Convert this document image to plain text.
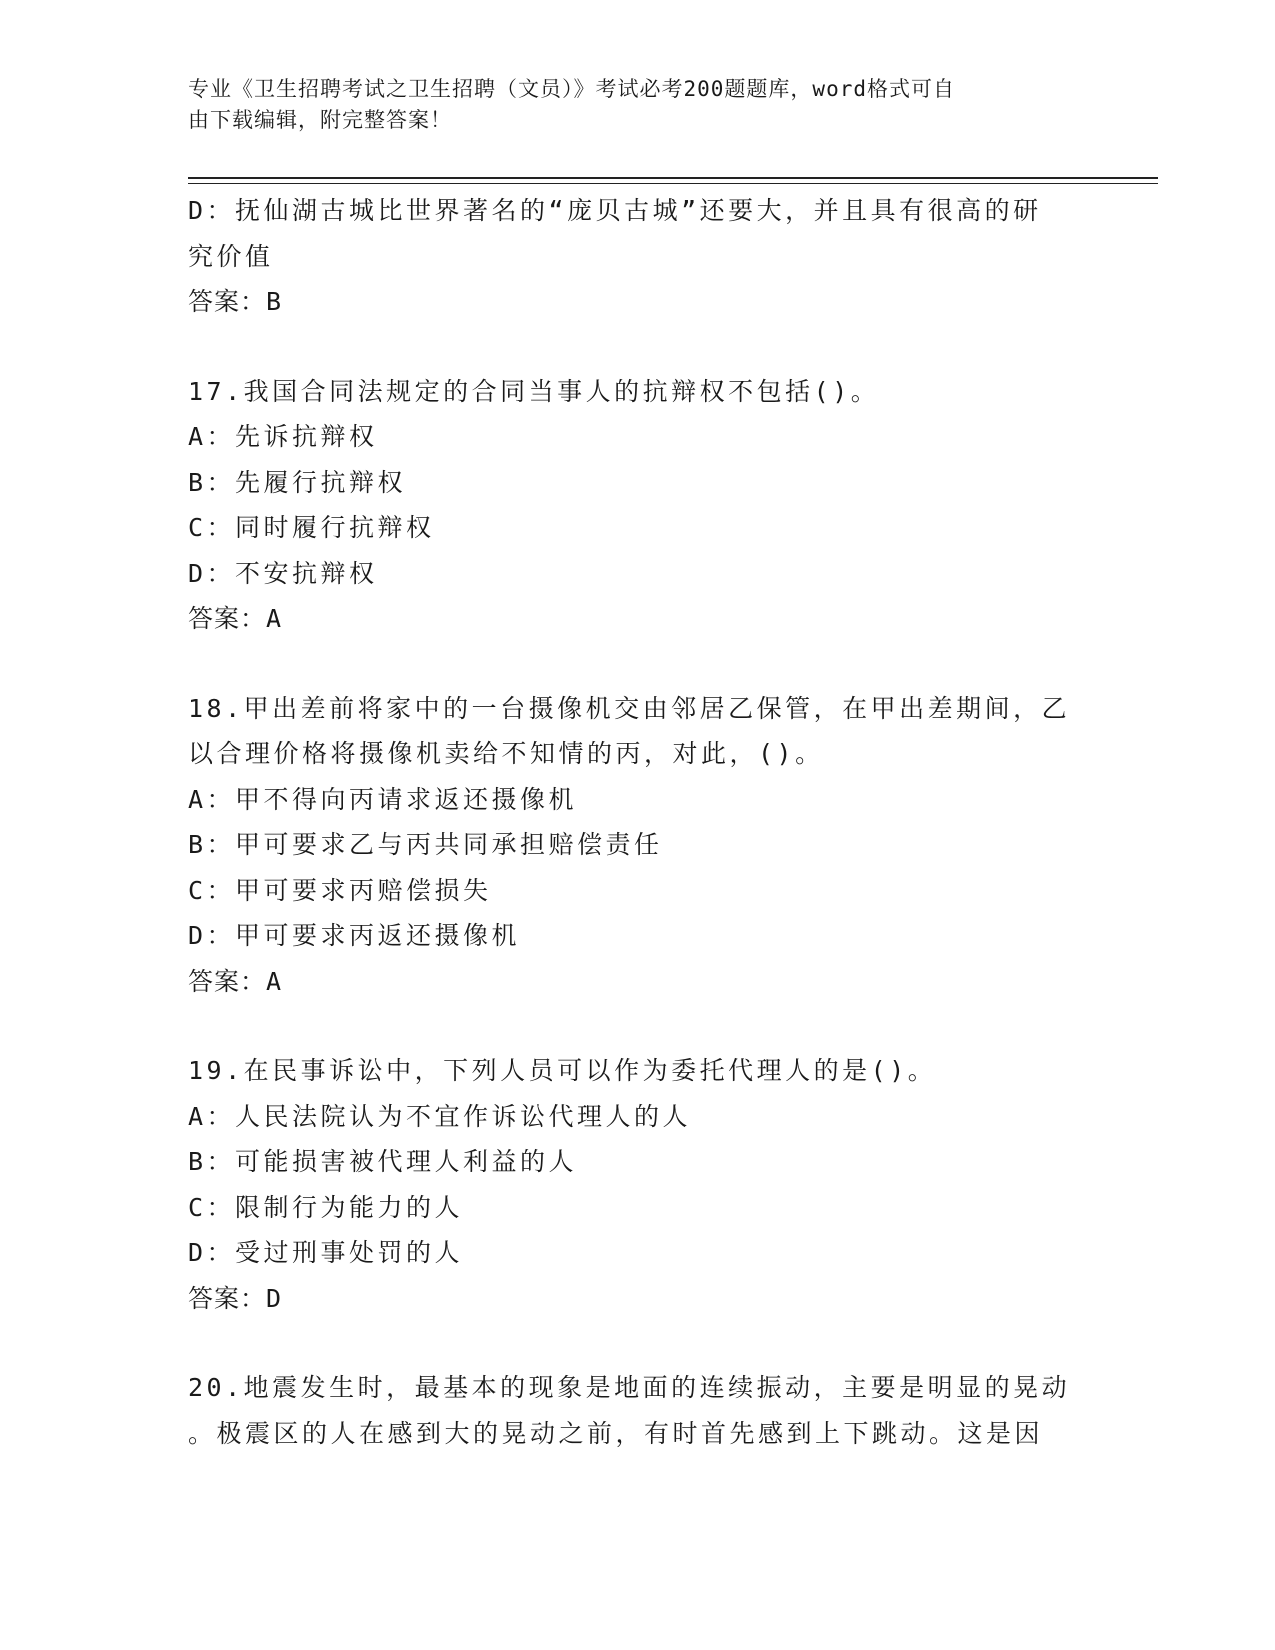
专业《卫生招聘考试之卫生招聘（文员）》考试必考200题题库，word格式可自
由下载编辑，附完整答案！
D：抚仙湖古城比世界著名的“庞贝古城”还要大，并且具有很高的研
究价值
答案：B
17.我国合同法规定的合同当事人的抗辩权不包括()。
A：先诉抗辩权
B：先履行抗辩权
C：同时履行抗辩权
D：不安抗辩权
答案：A
18.甲出差前将家中的一台摄像机交由邻居乙保管，在甲出差期间，乙
以合理价格将摄像机卖给不知情的丙，对此，()。
A：甲不得向丙请求返还摄像机
B：甲可要求乙与丙共同承担赔偿责任
C：甲可要求丙赔偿损失
D：甲可要求丙返还摄像机
答案：A
19.在民事诉讼中，下列人员可以作为委托代理人的是()。
A：人民法院认为不宜作诉讼代理人的人
B：可能损害被代理人利益的人
C：限制行为能力的人
D：受过刑事处罚的人
答案：D
20.地震发生时，最基本的现象是地面的连续振动，主要是明显的晃动
。极震区的人在感到大的晃动之前，有时首先感到上下跳动。这是因
